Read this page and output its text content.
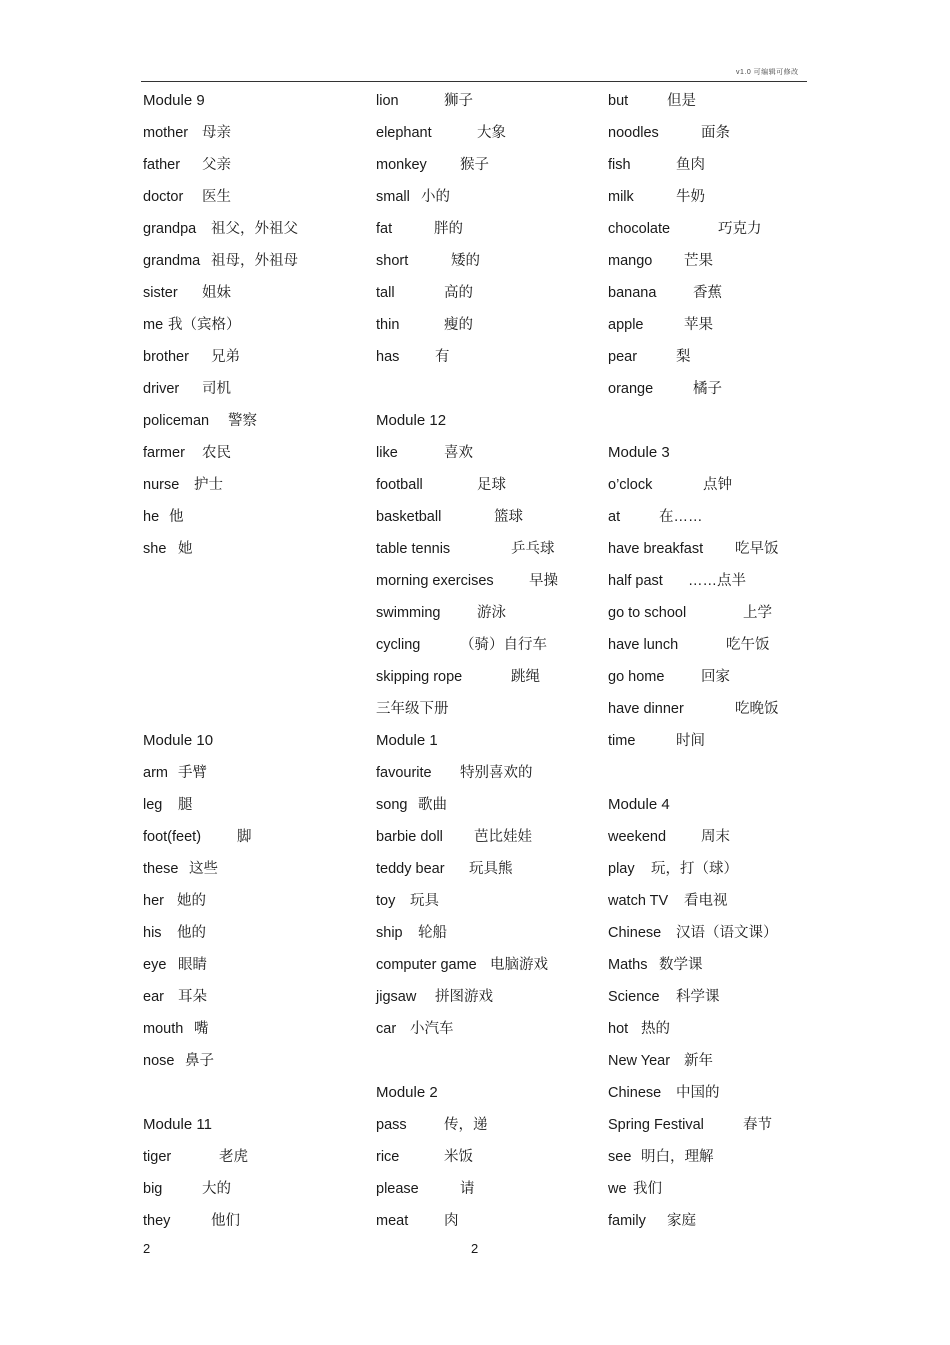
v1.0 可编辑可修改
Module 9
mother 母亲
father 父亲
doctor 医生
grandpa 祖父，外祖父
grandma 祖母，外祖母
sister 姐妹
me 我（宾格）
brother 兄弟
driver 司机
policeman 警察
farmer 农民
nurse 护士
he 他
she 她
Module 10
arm 手臂
leg 腿
foot(feet) 脚
these 这些
her 她的
his 他的
eye 眼睛
ear 耳朵
mouth 嘴
nose 鼻子
Module 11
tiger	老虎
big	大的
they	他们
lion	狮子
elephant	大象
monkey 猴子
small 小的
fat	胖的
short	矮的
tall	高的
thin	瘦的
has 有
Module 12
like	喜欢
football	足球
basketball	篮球
table tennis	乒乓球
morning exercises 早操
swimming	游泳
cycling	（骑）自行车
skipping rope	跳绳
三年级下册
Module 1
favourite 特别喜欢的
song 歌曲
barbie doll 芭比娃娃
teddy bear 玩具熊
toy 玩具
ship 轮船
computer game 电脑游戏
jigsaw 拼图游戏
car 小汽车
Module 2
pass	传，递
rice	米饭
please	请
meat 肉
but	但是
noodles	面条
fish	鱼肉
milk	牛奶
chocolate	巧克力
mango 芒果
banana	香蕉
apple	苹果
pear	梨
orange	橘子
Module 3
o’clock	点钟
at	在……
have breakfast 吃早饭
half past ……点半
go to school	上学
have lunch	吃午饭
go home	回家
have dinner	吃晚饭
time	时间
Module 4
weekend 周末
play 玩，打（球）
watch TV 看电视
Chinese 汉语（语文课）
Maths 数学课
Science 科学课
hot 热的
New Year 新年
Chinese 中国的
Spring Festival	春节
see 明白，理解
we 我们
family 家庭
2	2
